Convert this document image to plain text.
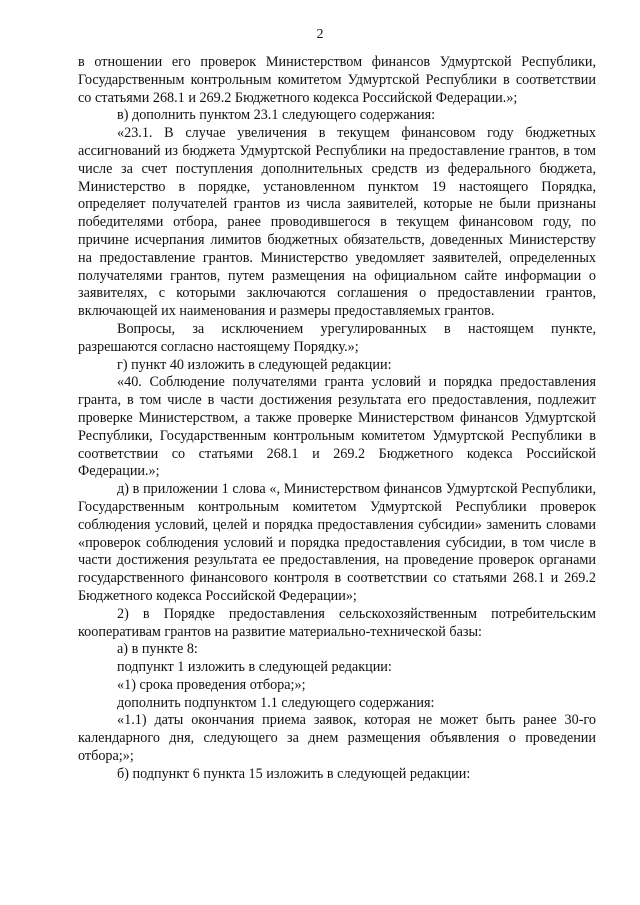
2

в отношении его проверок Министерством финансов Удмуртской Республики, Государственным контрольным комитетом Удмуртской Республики в соответствии со статьями 268.1 и 269.2 Бюджетного кодекса Российской Федерации.»;

в) дополнить пунктом 23.1 следующего содержания:

«23.1. В случае увеличения в текущем финансовом году бюджетных ассигнований из бюджета Удмуртской Республики на предоставление грантов, в том числе за счет поступления дополнительных средств из федерального бюджета, Министерство в порядке, установленном пунктом 19 настоящего Порядка, определяет получателей грантов из числа заявителей, которые не были признаны победителями отбора, ранее проводившегося в текущем финансовом году, по причине исчерпания лимитов бюджетных обязательств, доведенных Министерству на предоставление грантов. Министерство уведомляет заявителей, определенных получателями грантов, путем размещения на официальном сайте информации о заявителях, с которыми заключаются соглашения о предоставлении грантов, включающей их наименования и размеры предоставляемых грантов.

Вопросы, за исключением урегулированных в настоящем пункте, разрешаются согласно настоящему Порядку.»;

г) пункт 40 изложить в следующей редакции:

«40. Соблюдение получателями гранта условий и порядка предоставления гранта, в том числе в части достижения результата его предоставления, подлежит проверке Министерством, а также проверке Министерством финансов Удмуртской Республики, Государственным контрольным комитетом Удмуртской Республики в соответствии со статьями 268.1 и 269.2 Бюджетного кодекса Российской Федерации.»;

д) в приложении 1 слова «, Министерством финансов Удмуртской Республики, Государственным контрольным комитетом Удмуртской Республики проверок соблюдения условий, целей и порядка предоставления субсидии» заменить словами «проверок соблюдения условий и порядка предоставления субсидии, в том числе в части достижения результата ее предоставления, на проведение проверок органами государственного финансового контроля в соответствии со статьями 268.1 и 269.2 Бюджетного кодекса Российской Федерации»;

2) в Порядке предоставления сельскохозяйственным потребительским кооперативам грантов на развитие материально-технической базы:

а) в пункте 8:

подпункт 1 изложить в следующей редакции:

«1) срока проведения отбора;»;

дополнить подпунктом 1.1 следующего содержания:

«1.1) даты окончания приема заявок, которая не может быть ранее 30-го календарного дня, следующего за днем размещения объявления о проведении отбора;»;

б) подпункт 6 пункта 15 изложить в следующей редакции:
